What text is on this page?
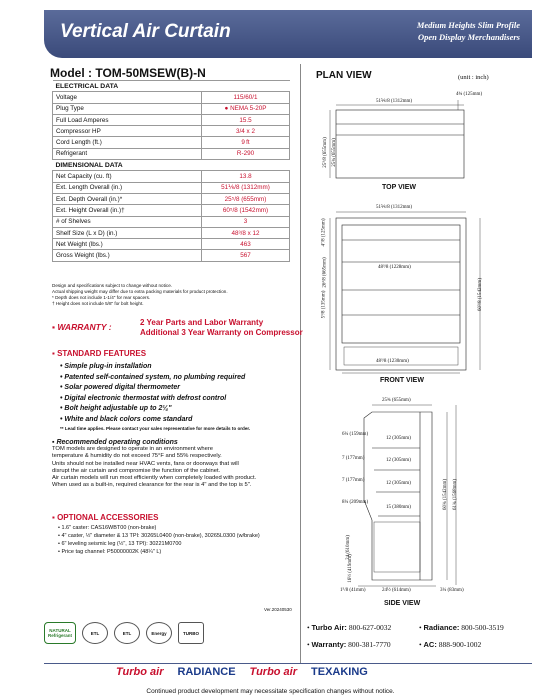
Vertical Air Curtain	Medium Heights Slim Profile
Open Display Merchandisers
Model : TOM-50MSEW(B)-N
ELECTRICAL DATA	
Voltage	115/60/1
Plug Type	● NEMA 5-20P
Full Load Amperes	15.5
Compressor HP	3/4 x 2
Cord Length (ft.)	9 ft
Refrigerant	R-290
DIMENSIONAL DATA	
Net Capacity (cu. ft)	13.8
Ext. Length Overall (in.)	51⅙/8 (1312mm)
Ext. Depth Overall (in.)*	25⁵/8 (655mm)
Ext. Height Overall (in.)†	60⁵/8 (1542mm)
# of Shelves	3
Shelf Size (L x D) (in.)	48³/8 x 12
Net Weight (lbs.)	463
Gross Weight (lbs.)	567
Design and specifications subject to change without notice.
Actual shipping weight may differ due to extra packing materials for product protection.
* Depth does not include 1-1/4" for rear spacers.
† Height does not include 5/8" for bolt height.
▪ WARRANTY :	2 Year Parts and Labor Warranty
Additional 3 Year Warranty on Compressor
▪ STANDARD FEATURES
• Simple plug-in installation
• Patented self-contained system, no plumbing required
• Solar powered digital thermometer
• Digital electronic thermostat with defrost control
• Bolt height adjustable up to 2¼"
• White and black colors come standard
** Lead time applies. Please contact your sales representative for more details to order.
▪ Recommended operating conditions
TOM models are designed to operate in an environment where
temperature & humidity do not exceed 75°F and 55% respectively.
Units should not be installed near HVAC vents, fans or doorways that will
disrupt the air curtain and compromise the function of the cabinet.
Air curtain models will run most efficiently when completely loaded with product.
When used as a built-in, required clearance for the rear is 4" and the top is 5".
▪ OPTIONAL ACCESSORIES
• 1.6" caster: CAS16WBT00 (non-brake)
• 4" caster, ½" diameter & 13 TPI: 30265L0400 (non-brake), 30265L0300 (w/brake)
• 6" leveling seismic leg (½", 13 TPI): 30221M0700
• Price tag channel: P50000002K (48¼" L)
Ver.20240530
NATURAL Refrigerant	ETL	ETL	Energy	TURBO
• Turbo Air: 800-627-0032	• Radiance: 800-500-3519
• Warranty: 800-381-7770	• AC: 888-900-1002
Turbo air RADIANCE Turbo air TEXAKING
Continued product development may necessitate specification changes without notice.
PLAN VIEW	(unit : inch)
TOP VIEW
FRONT VIEW
SIDE VIEW
51⅙/8 (1312mm)
4¾ (125mm)
25⁵/8 (655mm) 25¾ (655mm)
51⅙/8 (1312mm)
48³/8 (1228mm)
48³/8 (1230mm)
4⁷/8 (125mm)
26²/8 (665mm)
5³/8 (135mm)	60⁵/8 (1542mm)
25¾ (655mm)
6¼ (159mm)
7 (177mm)
7 (177mm)
8¼ (209mm)
12 (305mm)
12 (305mm)
12 (305mm)
15 (380mm)	60¾ (1542mm) 61¾ (1568mm)
24 (610mm)
16½ (419mm)
1⁵/8 (41mm)	24½ (614mm)	3¼ (83mm)
